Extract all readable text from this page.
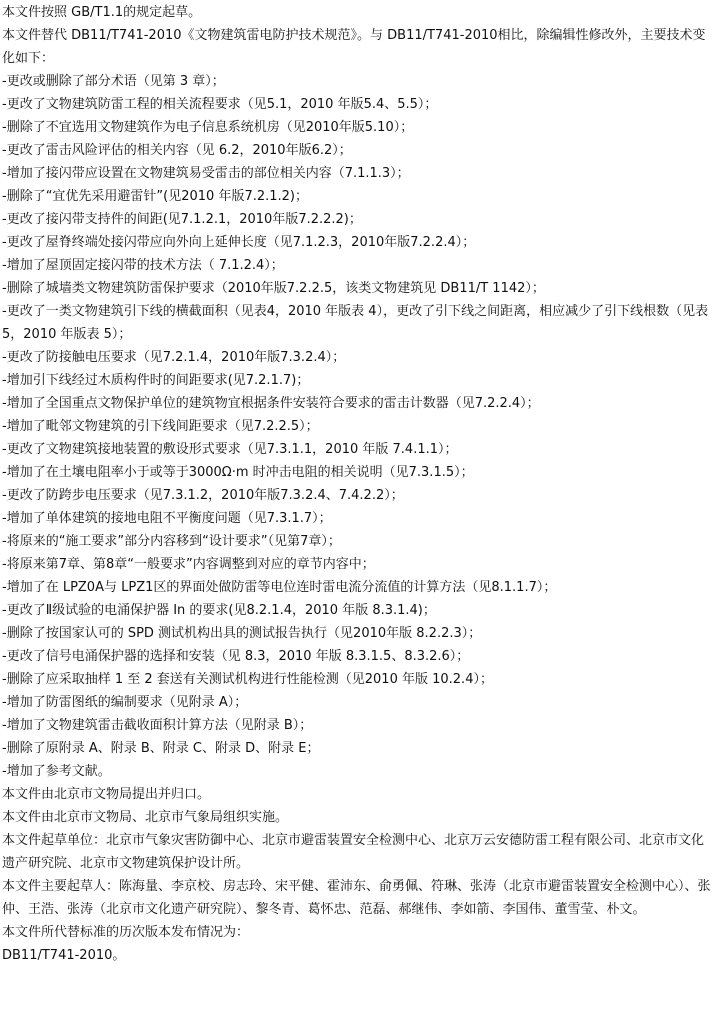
本文件按照 GB/T1.1的规定起草。

本文件替代 DB11/T741-2010《文物建筑雷电防护技术规范》。与 DB11/T741-2010相比，除编辑性修改外，主要技术变化如下：

-更改或删除了部分术语（见第 3 章）；

-更改了文物建筑防雷工程的相关流程要求（见5.1，2010 年版5.4、5.5）；

-删除了不宜选用文物建筑作为电子信息系统机房（见2010年版5.10）；

-更改了雷击风险评估的相关内容（见 6.2，2010年版6.2）；

-增加了接闪带应设置在文物建筑易受雷击的部位相关内容（7.1.1.3）；

-删除了“宜优先采用避雷针”(见2010 年版7.2.1.2)；

-更改了接闪带支持件的间距(见7.1.2.1，2010年版7.2.2.2)；

-更改了屋脊终端处接闪带应向外向上延伸长度（见7.1.2.3，2010年版7.2.2.4）；

-增加了屋顶固定接闪带的技术方法（ 7.1.2.4）；

-删除了城墙类文物建筑防雷保护要求（2010年版7.2.2.5，该类文物建筑见 DB11/T 1142）；

-更改了一类文物建筑引下线的横截面积（见表4，2010 年版表 4），更改了引下线之间距离，相应减少了引下线根数（见表5，2010 年版表 5）；

-更改了防接触电压要求（见7.2.1.4，2010年版7.3.2.4）；

-增加引下线经过木质构件时的间距要求(见7.2.1.7)；

-增加了全国重点文物保护单位的建筑物宜根据条件安装符合要求的雷击计数器（见7.2.2.4）；

-增加了毗邻文物建筑的引下线间距要求（见7.2.2.5）；

-更改了文物建筑接地装置的敷设形式要求（见7.3.1.1，2010 年版 7.4.1.1）；

-增加了在土壤电阻率小于或等于3000Ω·m 时冲击电阻的相关说明（见7.3.1.5）；

-更改了防跨步电压要求（见7.3.1.2，2010年版7.3.2.4、7.4.2.2）；

-增加了单体建筑的接地电阻不平衡度问题（见7.3.1.7）；

-将原来的“施工要求”部分内容移到“设计要求”（见第7章）；

-将原来第7章、第8章“一般要求”内容调整到对应的章节内容中；

-增加了在 LPZ0A与 LPZ1区的界面处做防雷等电位连时雷电流分流值的计算方法（见8.1.1.7）；

-更改了Ⅱ级试验的电涌保护器 In 的要求(见8.2.1.4，2010 年版 8.3.1.4)；

-删除了按国家认可的 SPD 测试机构出具的测试报告执行（见2010年版 8.2.2.3）；

-更改了信号电涌保护器的选择和安装（见 8.3，2010 年版 8.3.1.5、8.3.2.6）；

-删除了应采取抽样 1 至 2 套送有关测试机构进行性能检测（见2010 年版 10.2.4）；

-增加了防雷图纸的编制要求（见附录 A）；

-增加了文物建筑雷击截收面积计算方法（见附录 B）；

-删除了原附录 A、附录 B、附录 C、附录 D、附录 E；

-增加了参考文献。

本文件由北京市文物局提出并归口。

本文件由北京市文物局、北京市气象局组织实施。

本文件起草单位：北京市气象灾害防御中心、北京市避雷装置安全检测中心、北京万云安德防雷工程有限公司、北京市文化遗产研究院、北京市文物建筑保护设计所。

本文件主要起草人：陈海量、李京校、房志玲、宋平健、霍沛东、俞勇佩、符琳、张涛（北京市避雷装置安全检测中心）、张仲、王浩、张涛（北京市文化遗产研究院）、黎冬青、葛怀忠、范磊、郝继伟、李如箭、李国伟、董雪莹、朴文。

本文件所代替标准的历次版本发布情况为：

DB11/T741-2010。
